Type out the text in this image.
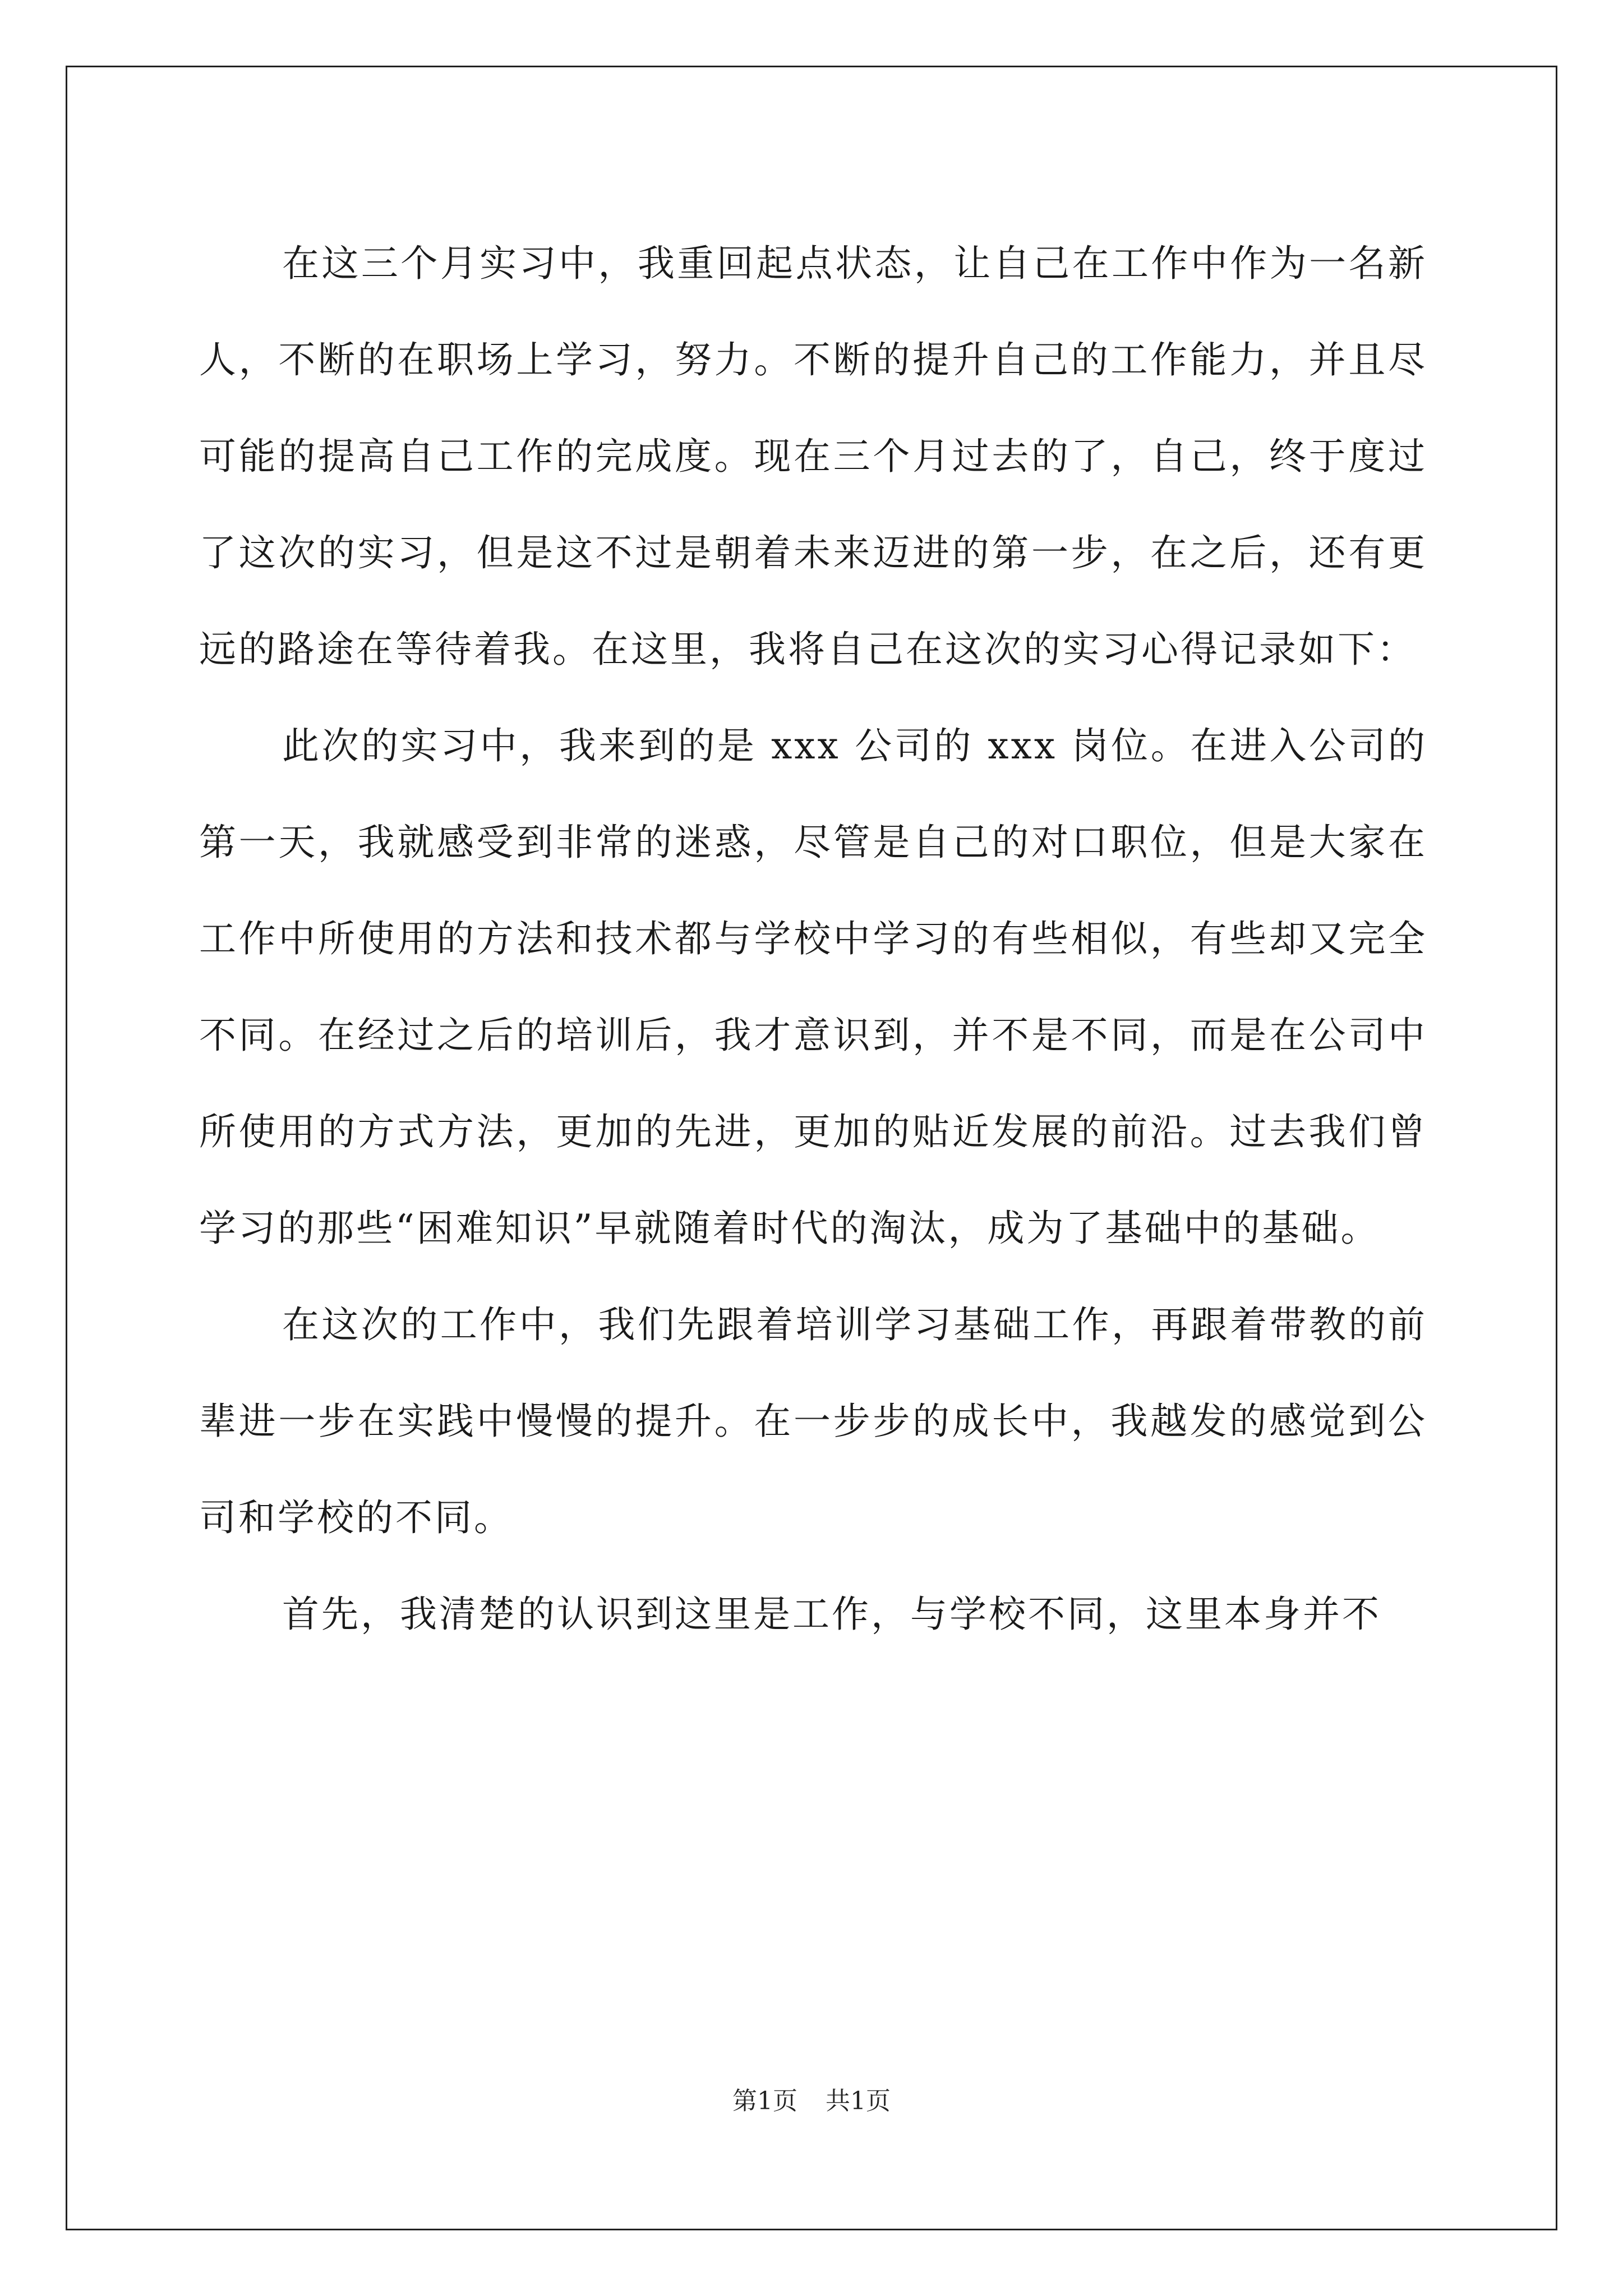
在这三个月实习中，我重回起点状态，让自己在工作中作为一名新人，不断的在职场上学习，努力。不断的提升自己的工作能力，并且尽可能的提高自己工作的完成度。现在三个月过去的了，自己，终于度过了这次的实习，但是这不过是朝着未来迈进的第一步，在之后，还有更远的路途在等待着我。在这里，我将自己在这次的实习心得记录如下：

此次的实习中，我来到的是 xxx 公司的 xxx 岗位。在进入公司的第一天，我就感受到非常的迷惑，尽管是自己的对口职位，但是大家在工作中所使用的方法和技术都与学校中学习的有些相似，有些却又完全不同。在经过之后的培训后，我才意识到，并不是不同，而是在公司中所使用的方式方法，更加的先进，更加的贴近发展的前沿。过去我们曾学习的那些“困难知识”早就随着时代的淘汰，成为了基础中的基础。

在这次的工作中，我们先跟着培训学习基础工作，再跟着带教的前辈进一步在实践中慢慢的提升。在一步步的成长中，我越发的感觉到公司和学校的不同。

首先，我清楚的认识到这里是工作，与学校不同，这里本身并不

第1页 共1页
